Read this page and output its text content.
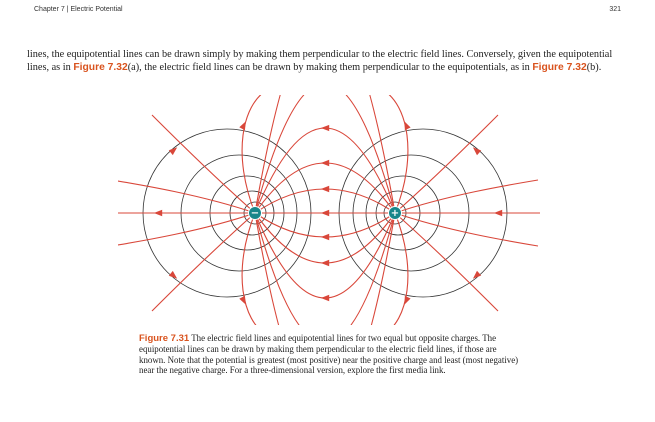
Chapter 7 | Electric Potential	321

lines, the equipotential lines can be drawn simply by making them perpendicular to the electric field lines. Conversely, given the equipotential lines, as in Figure 7.32(a), the electric field lines can be drawn by making them perpendicular to the equipotentials, as in Figure 7.32(b).

−	+

Figure 7.31 The electric field lines and equipotential lines for two equal but opposite charges. The equipotential lines can be drawn by making them perpendicular to the electric field lines, if those are known. Note that the potential is greatest (most positive) near the positive charge and least (most negative) near the negative charge. For a three-dimensional version, explore the first media link.
